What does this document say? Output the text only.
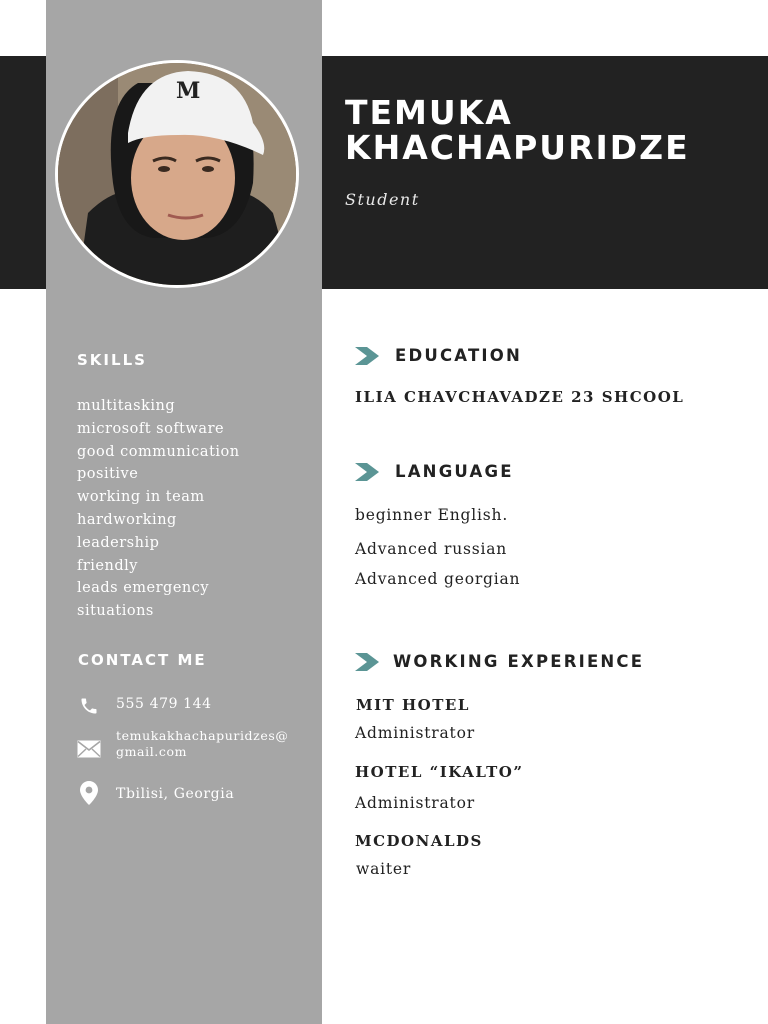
M
TEMUKA
KHACHAPURIDZE
Student
SKILLS
multitasking
microsoft software
good communication
positive
working in team
hardworking
leadership
friendly
leads emergency
situations
CONTACT ME
555 479 144
temukakhachapuridzes@
gmail.com
Tbilisi, Georgia
EDUCATION
ILIA CHAVCHAVADZE 23 SHCOOL
LANGUAGE
beginner English.
Advanced russian
Advanced georgian
WORKING EXPERIENCE
MIT HOTEL
Administrator
HOTEL “IKALTO”
Administrator
MCDONALDS
waiter
